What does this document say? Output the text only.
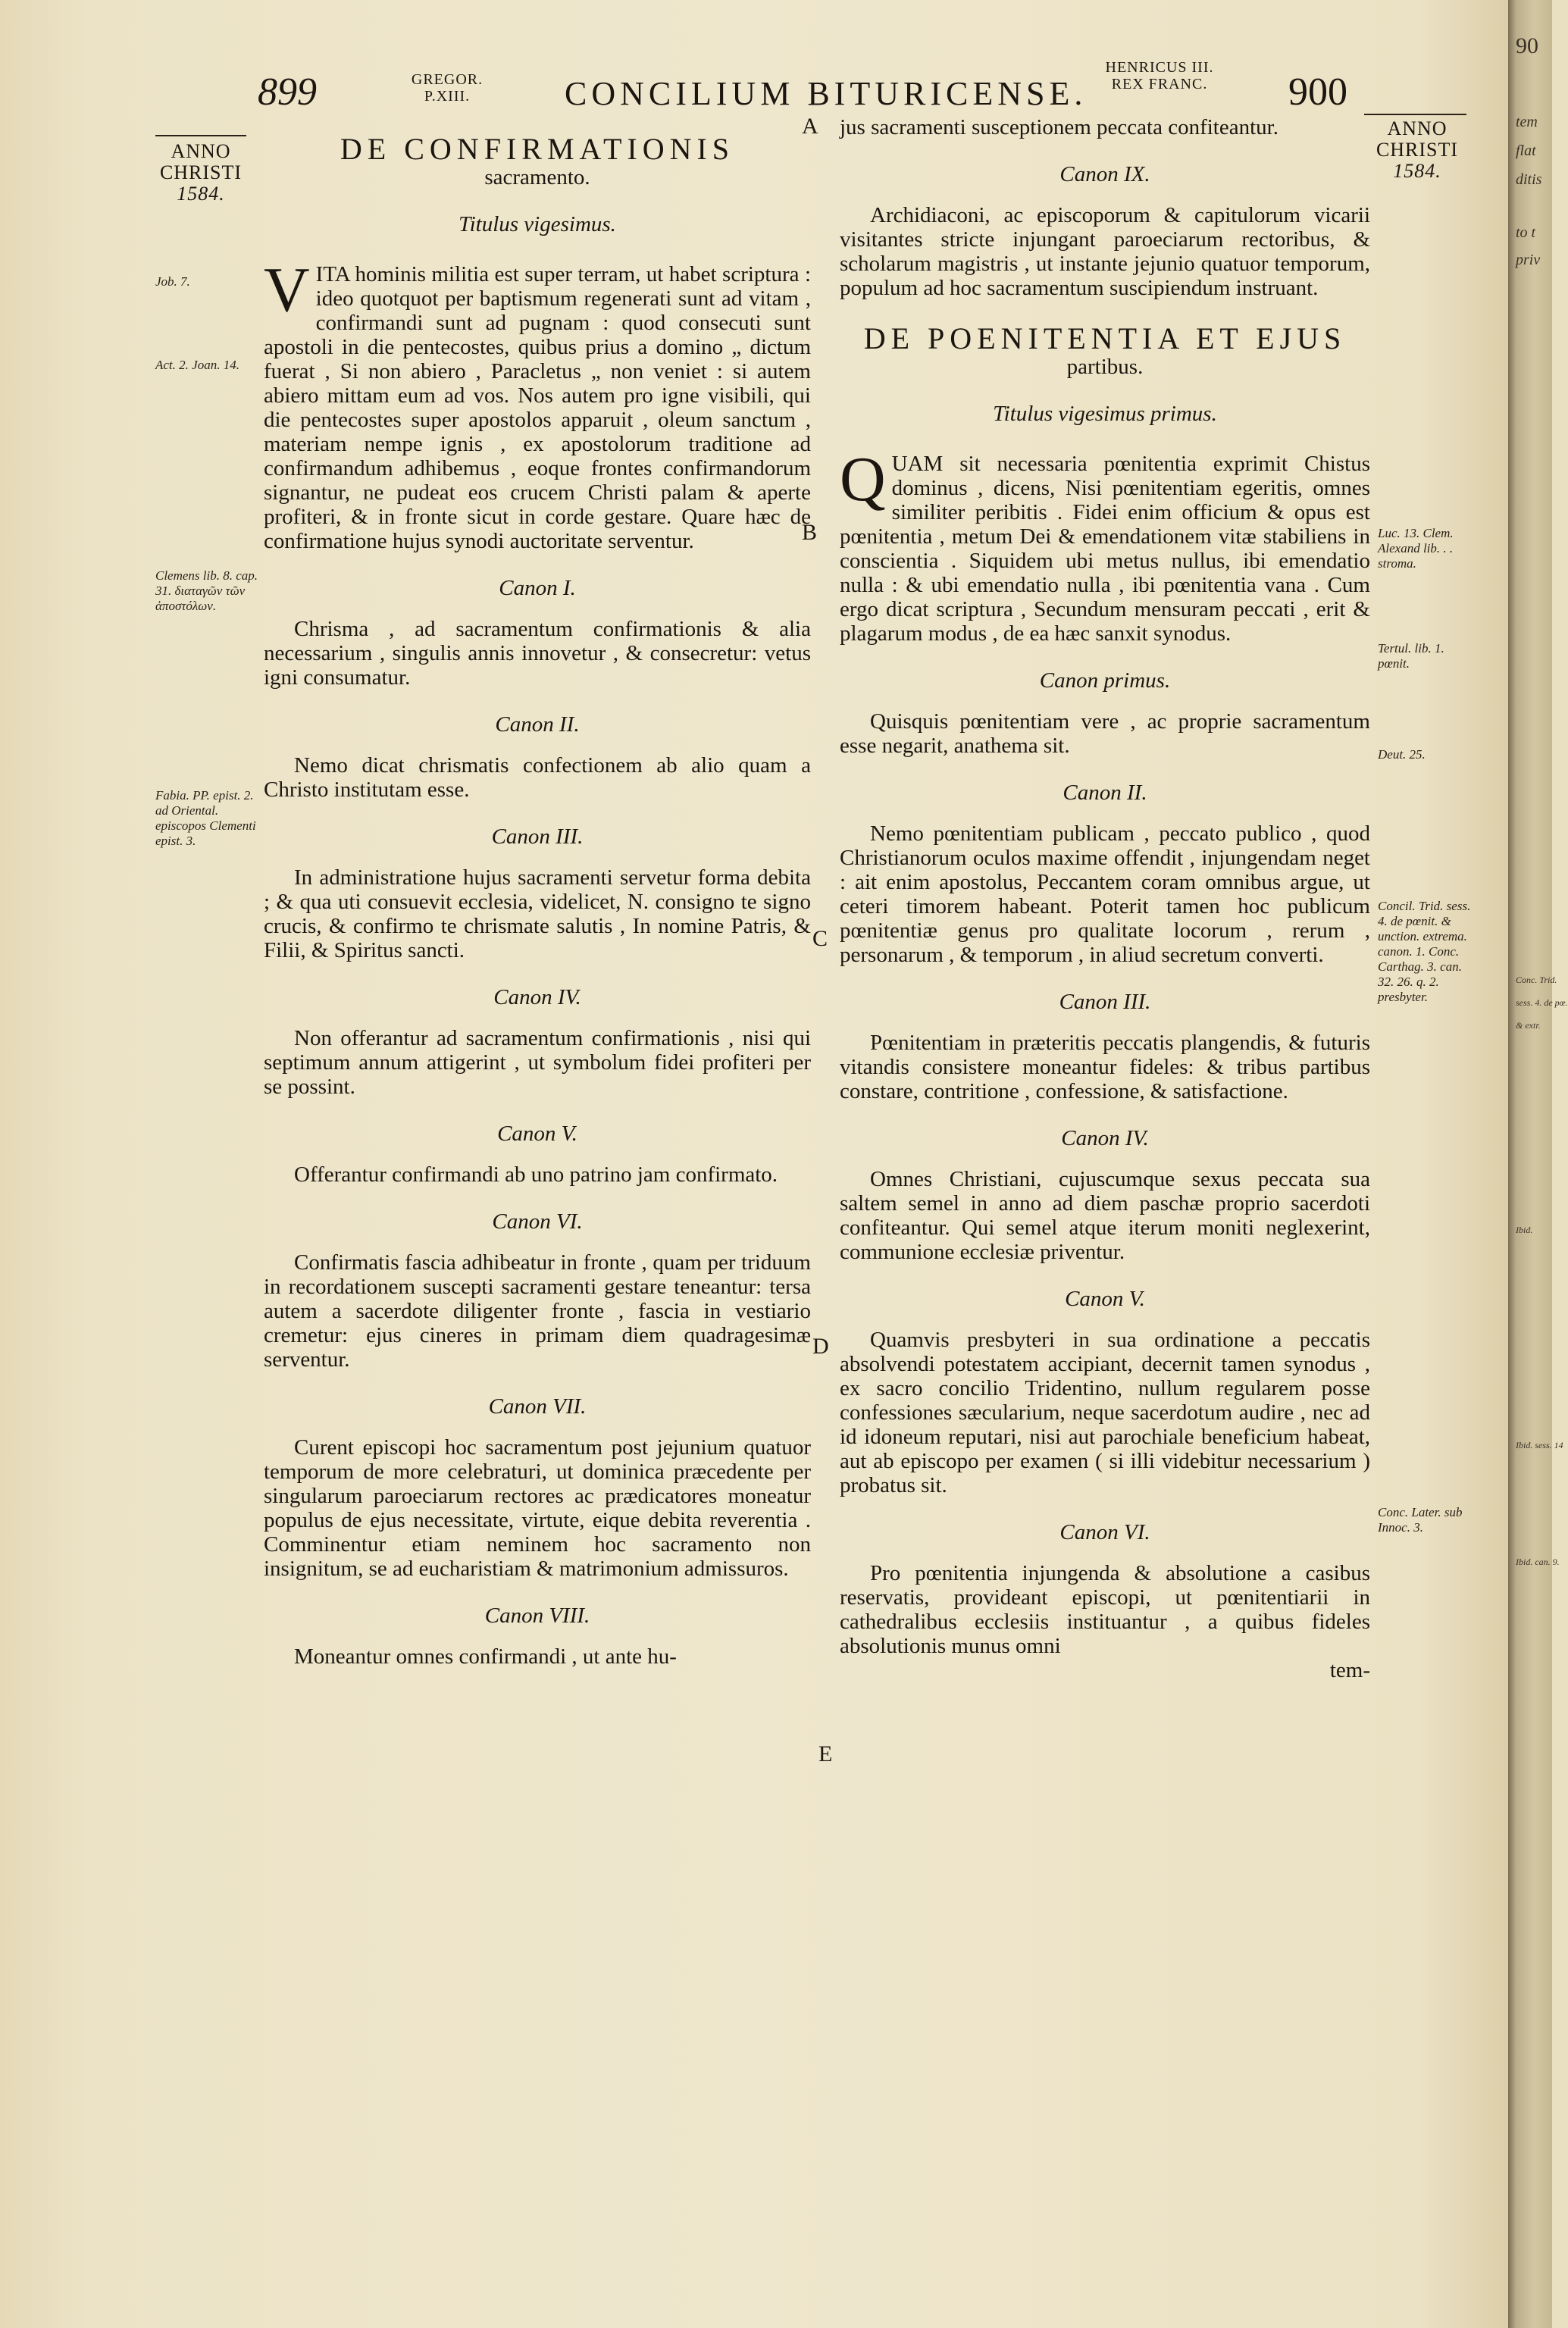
899	GREGOR.
P.XIII.	CONCILIUM BITURICENSE.
HENRICUS III.
REX FRANC.	900
ANNO
CHRISTI
1584.
ANNO
CHRISTI
1584.
Job. 7.
Act. 2. Joan. 14.
Clemens lib. 8. cap. 31. διαταγῶν τῶν ἀποστόλων.
Fabia. PP. epist. 2. ad Oriental. episcopos Clementi epist. 3.
DE CONFIRMATIONIS
sacramento.
Titulus vigesimus.

VITA hominis militia est super terram, ut habet scriptura : ideo quotquot per baptismum regenerati sunt ad vitam , confirmandi sunt ad pugnam : quod consecuti sunt apostoli in die pentecostes, quibus prius a domino „ dictum fuerat , Si non abiero , Paracletus „ non veniet : si autem abiero mittam eum ad vos. Nos autem pro igne visibili, qui die pentecostes super apostolos apparuit , oleum sanctum , materiam nempe ignis , ex apostolorum traditione ad confirmandum adhibemus , eoque frontes confirmandorum signantur, ne pudeat eos crucem Christi palam & aperte profiteri, & in fronte sicut in corde gestare. Quare hæc de confirmatione hujus synodi auctoritate serventur.

Canon I.

Chrisma , ad sacramentum confirmationis & alia necessarium , singulis annis innovetur , & consecretur: vetus igni consumatur.

Canon II.

Nemo dicat chrismatis confectionem ab alio quam a Christo institutam esse.

Canon III.

In administratione hujus sacramenti servetur forma debita ; & qua uti consuevit ecclesia, videlicet, N. consigno te signo crucis, & confirmo te chrismate salutis , In nomine Patris, & Filii, & Spiritus sancti.

Canon IV.

Non offerantur ad sacramentum confirmationis , nisi qui septimum annum attigerint , ut symbolum fidei profiteri per se possint.

Canon V.

Offerantur confirmandi ab uno patrino jam confirmato.

Canon VI.

Confirmatis fascia adhibeatur in fronte , quam per triduum in recordationem suscepti sacramenti gestare teneantur: tersa autem a sacerdote diligenter fronte , fascia in vestiario cremetur: ejus cineres in primam diem quadragesimæ serventur.

Canon VII.

Curent episcopi hoc sacramentum post jejunium quatuor temporum de more celebraturi, ut dominica præcedente per singularum paroeciarum rectores ac prædicatores moneatur populus de ejus necessitate, virtute, eique debita reverentia . Comminentur etiam neminem hoc sacramento non insignitum, se ad eucharistiam & matrimonium admissuros.

Canon VIII.

Moneantur omnes confirmandi , ut ante hu-

A
B
C
D
E
Luc. 13. Clem. Alexand lib. . . stroma.
Tertul. lib. 1. pœnit.
Deut. 25.
Concil. Trid. sess. 4. de pœnit. & unction. extrema. canon. 1. Conc. Carthag. 3. can. 32. 26. q. 2. presbyter.
Conc. Later. sub Innoc. 3.

jus sacramenti susceptionem peccata confiteantur.

Canon IX.

Archidiaconi, ac episcoporum & capitulorum vicarii visitantes stricte injungant paroeciarum rectoribus, & scholarum magistris , ut instante jejunio quatuor temporum, populum ad hoc sacramentum suscipiendum instruant.

DE POENITENTIA ET EJUS
partibus.
Titulus vigesimus primus.

QUAM sit necessaria pœnitentia exprimit Chistus dominus , dicens, Nisi pœnitentiam egeritis, omnes similiter peribitis . Fidei enim officium & opus est pœnitentia , metum Dei & emendationem vitæ stabiliens in conscientia . Siquidem ubi metus nullus, ibi emendatio nulla : & ubi emendatio nulla , ibi pœnitentia vana . Cum ergo dicat scriptura , Secundum mensuram peccati , erit & plagarum modus , de ea hæc sanxit synodus.

Canon primus.

Quisquis pœnitentiam vere , ac proprie sacramentum esse negarit, anathema sit.

Canon II.

Nemo pœnitentiam publicam , peccato publico , quod Christianorum oculos maxime offendit , injungendam neget : ait enim apostolus, Peccantem coram omnibus argue, ut ceteri timorem habeant. Poterit tamen hoc publicum pœnitentiæ genus pro qualitate locorum , rerum , personarum , & temporum , in aliud secretum converti.

Canon III.

Pœnitentiam in præteritis peccatis plangendis, & futuris vitandis consistere moneantur fideles: & tribus partibus constare, contritione , confessione, & satisfactione.

Canon IV.

Omnes Christiani, cujuscumque sexus peccata sua saltem semel in anno ad diem paschæ proprio sacerdoti confiteantur. Qui semel atque iterum moniti neglexerint, communione ecclesiæ priventur.

Canon V.

Quamvis presbyteri in sua ordinatione a peccatis absolvendi potestatem accipiant, decernit tamen synodus , ex sacro concilio Tridentino, nullum regularem posse confessiones sæcularium, neque sacerdotum audire , nec ad id idoneum reputari, nisi aut parochiale beneficium habeat, aut ab episcopo per examen ( si illi videbitur necessarium ) probatus sit.

Canon VI.

Pro pœnitentia injungenda & absolutione a casibus reservatis, provideant episcopi, ut pœnitentiarii in cathedralibus ecclesiis instituantur , a quibus fideles absolutionis munus omni

tem-
90
tem
flat
ditis
to t
priv
Conc. Trid.
sess. 4. de pœ.
& extr.
Ibid.
Ibid. sess. 14
Ibid. can. 9.
